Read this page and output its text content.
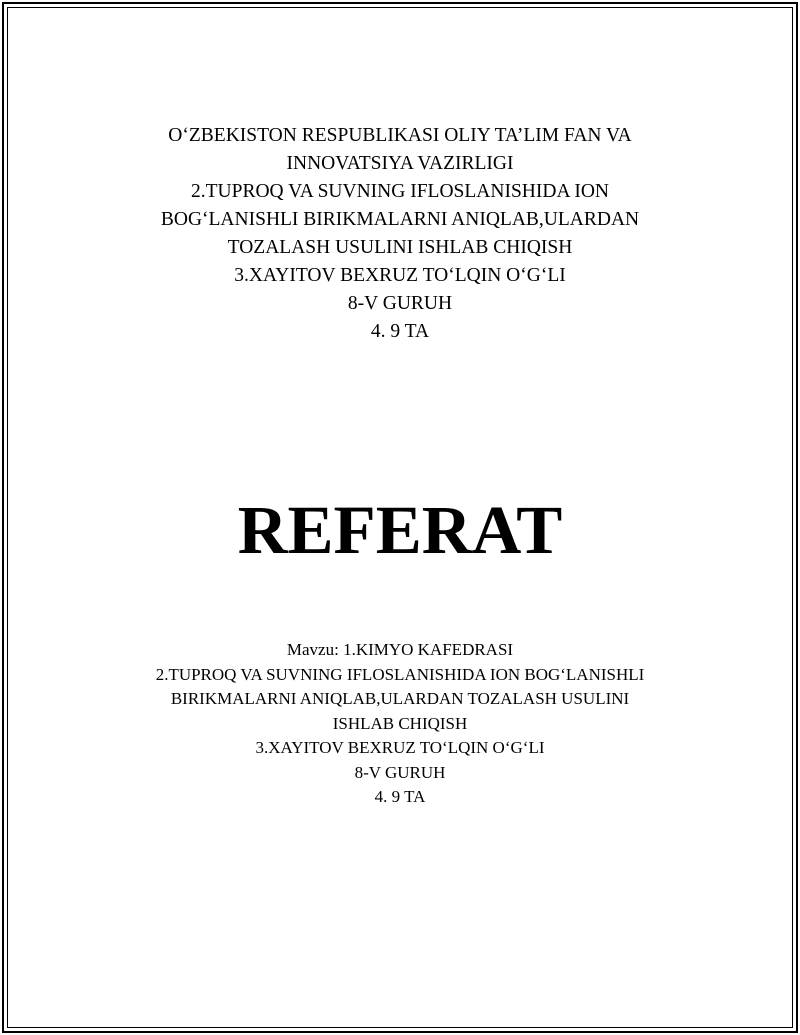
O‘ZBEKISTON RESPUBLIKASI OLIY TA’LIM FAN VA
INNOVATSIYA VAZIRLIGI
2.TUPROQ VA SUVNING IFLOSLANISHIDA ION
BOG‘LANISHLI BIRIKMALARNI ANIQLAB,ULARDAN
TOZALASH USULINI ISHLAB CHIQISH
3.XAYITOV BEXRUZ TO‘LQIN O‘G‘LI
8-V GURUH
4. 9 TA
REFERAT
Mavzu: 1.KIMYO KAFEDRASI
2.TUPROQ VA SUVNING IFLOSLANISHIDA ION BOG‘LANISHLI
BIRIKMALARNI ANIQLAB,ULARDAN TOZALASH USULINI
ISHLAB CHIQISH
3.XAYITOV BEXRUZ TO‘LQIN O‘G‘LI
8-V GURUH
4. 9 TA
